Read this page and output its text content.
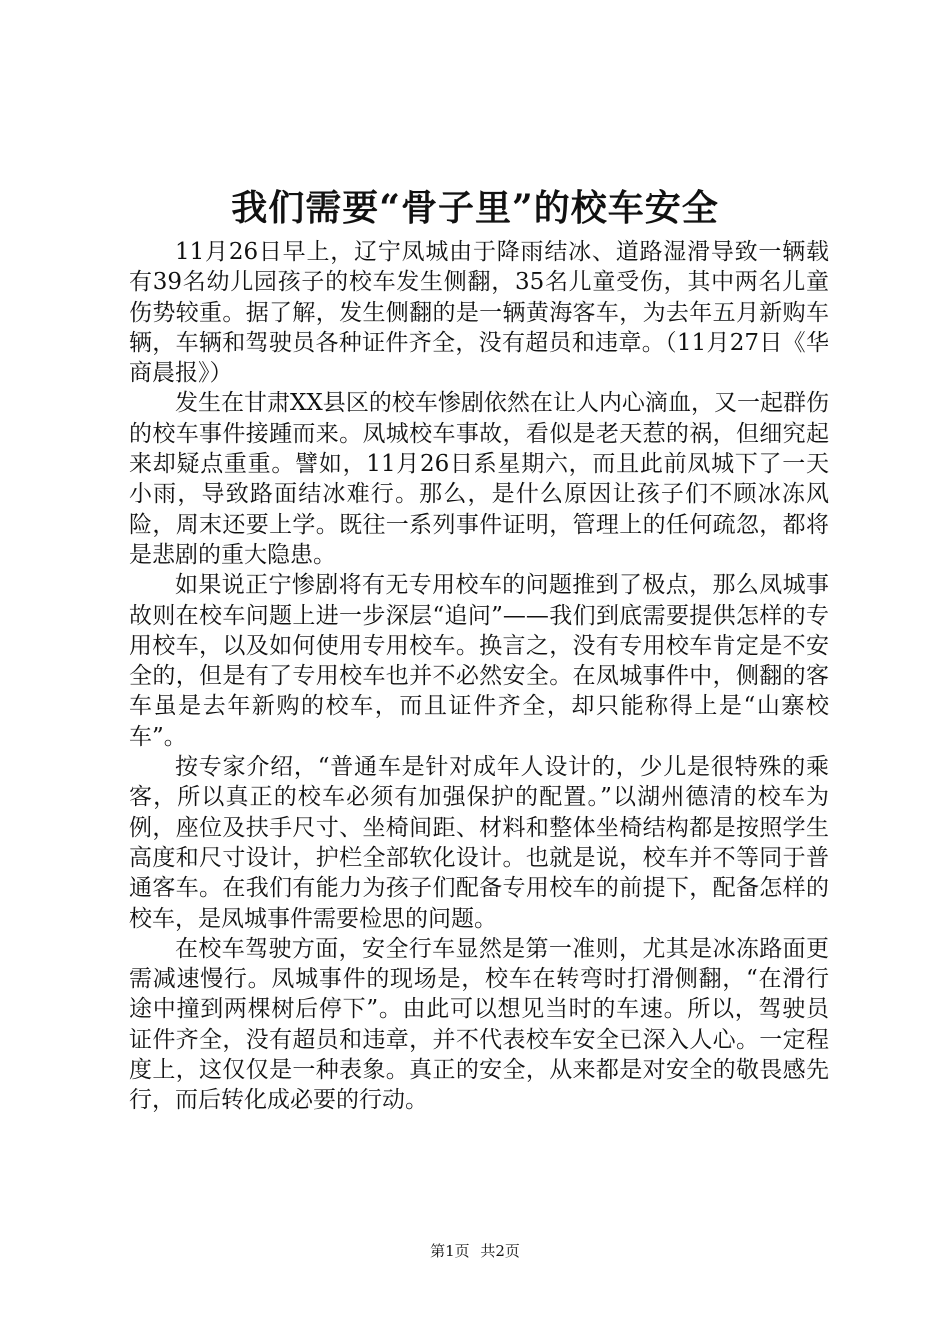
我们需要“骨子里”的校车安全

11月26日早上，辽宁凤城由于降雨结冰、道路湿滑导致一辆载有39名幼儿园孩子的校车发生侧翻，35名儿童受伤，其中两名儿童伤势较重。据了解，发生侧翻的是一辆黄海客车，为去年五月新购车辆，车辆和驾驶员各种证件齐全，没有超员和违章。（11月27日《华商晨报》）

发生在甘肃XX县区的校车惨剧依然在让人内心滴血，又一起群伤的校车事件接踵而来。凤城校车事故，看似是老天惹的祸，但细究起来却疑点重重。譬如，11月26日系星期六，而且此前凤城下了一天小雨，导致路面结冰难行。那么，是什么原因让孩子们不顾冰冻风险，周末还要上学。既往一系列事件证明，管理上的任何疏忽，都将是悲剧的重大隐患。

如果说正宁惨剧将有无专用校车的问题推到了极点，那么凤城事故则在校车问题上进一步深层“追问”——我们到底需要提供怎样的专用校车，以及如何使用专用校车。换言之，没有专用校车肯定是不安全的，但是有了专用校车也并不必然安全。在凤城事件中，侧翻的客车虽是去年新购的校车，而且证件齐全，却只能称得上是“山寨校车”。

按专家介绍，“普通车是针对成年人设计的，少儿是很特殊的乘客，所以真正的校车必须有加强保护的配置。”以湖州德清的校车为例，座位及扶手尺寸、坐椅间距、材料和整体坐椅结构都是按照学生高度和尺寸设计，护栏全部软化设计。也就是说，校车并不等同于普通客车。在我们有能力为孩子们配备专用校车的前提下，配备怎样的校车，是凤城事件需要检思的问题。

在校车驾驶方面，安全行车显然是第一准则，尤其是冰冻路面更需减速慢行。凤城事件的现场是，校车在转弯时打滑侧翻，“在滑行途中撞到两棵树后停下”。由此可以想见当时的车速。所以，驾驶员证件齐全，没有超员和违章，并不代表校车安全已深入人心。一定程度上，这仅仅是一种表象。真正的安全，从来都是对安全的敬畏感先行，而后转化成必要的行动。

第1页 共2页
